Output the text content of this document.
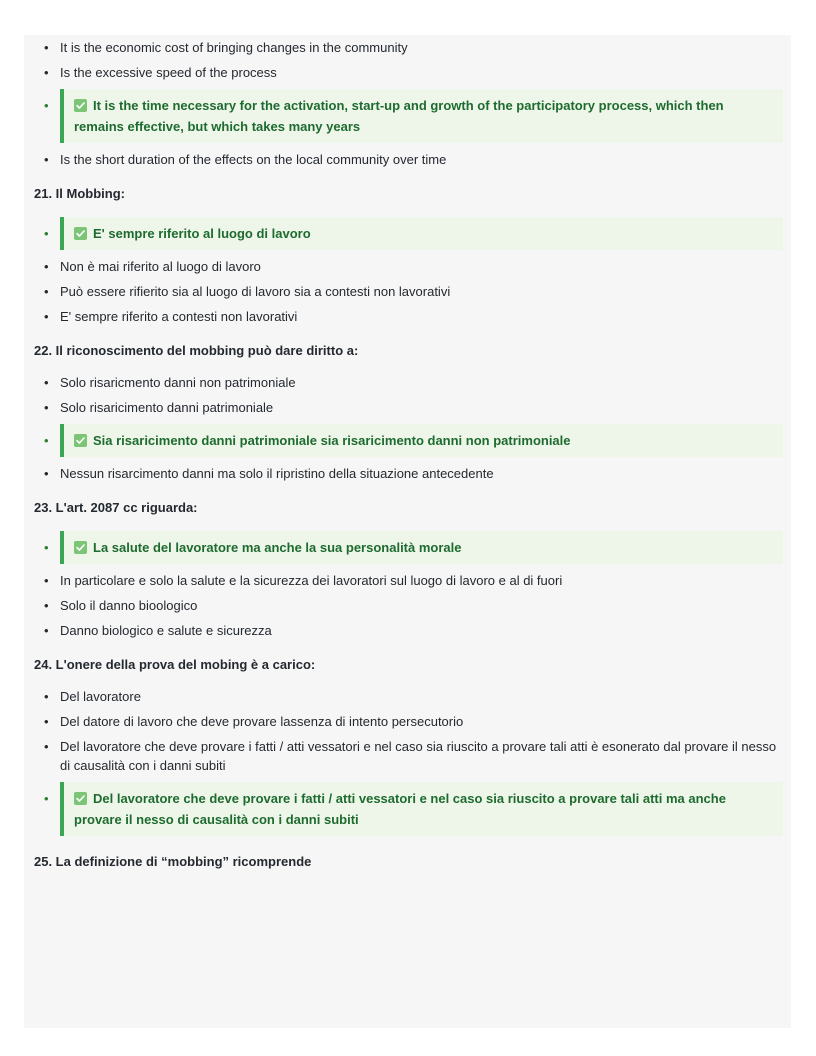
• It is the economic cost of bringing changes in the community
• Is the excessive speed of the process
•	It is the time necessary for the activation, start-up and growth of the participatory process, which then remains effective, but which takes many years
• Is the short duration of the effects on the local community over time

21. Il Mobbing:

•	E' sempre riferito al luogo di lavoro
• Non è mai riferito al luogo di lavoro
• Può essere rifierito sia al luogo di lavoro sia a contesti non lavorativi
• E' sempre riferito a contesti non lavorativi

22. Il riconoscimento del mobbing può dare diritto a:

• Solo risaricmento danni non patrimoniale
• Solo risaricimento danni patrimoniale
•	Sia risaricimento danni patrimoniale sia risaricimento danni non patrimoniale
• Nessun risarcimento danni ma solo il ripristino della situazione antecedente

23. L'art. 2087 cc riguarda:

•	La salute del lavoratore ma anche la sua personalità morale
• In particolare e solo la salute e la sicurezza dei lavoratori sul luogo di lavoro e al di fuori
• Solo il danno bioologico
• Danno biologico e salute e sicurezza

24. L'onere della prova del mobing è a carico:

• Del lavoratore
• Del datore di lavoro che deve provare lassenza di intento persecutorio
• Del lavoratore che deve provare i fatti / atti vessatori e nel caso sia riuscito a provare tali atti è esonerato dal provare il nesso di causalità con i danni subiti
•	Del lavoratore che deve provare i fatti / atti vessatori e nel caso sia riuscito a provare tali atti ma anche provare il nesso di causalità con i danni subiti

25. La definizione di “mobbing” ricomprende
